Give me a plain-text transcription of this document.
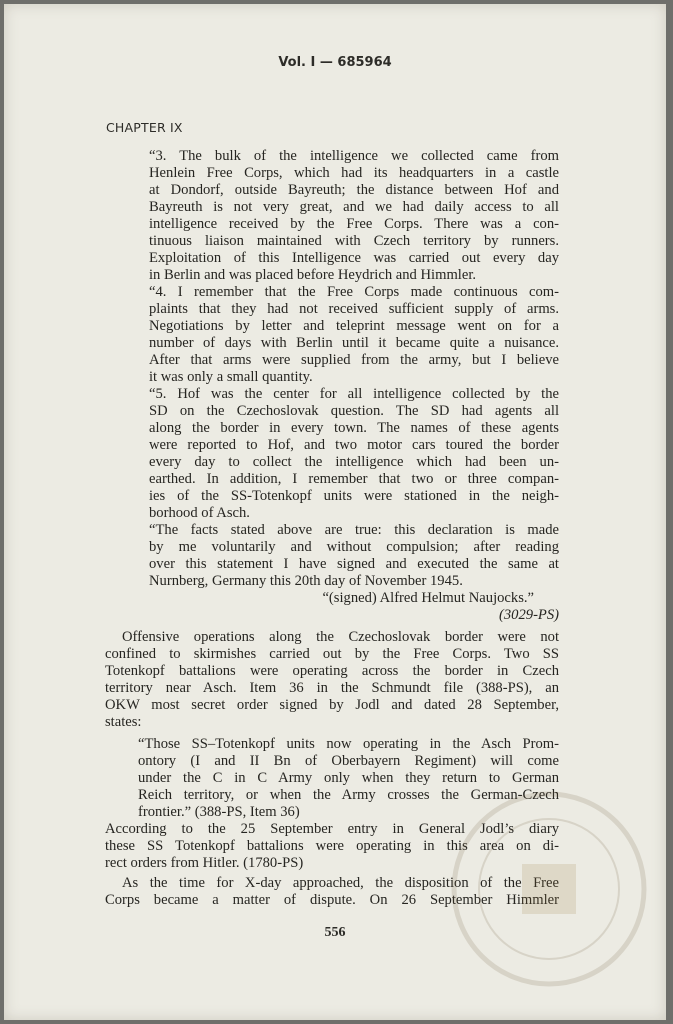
Vol. I — 685964
CHAPTER IX
“3. The bulk of the intelligence we collected came from
Henlein Free Corps, which had its headquarters in a castle
at Dondorf, outside Bayreuth; the distance between Hof and
Bayreuth is not very great, and we had daily access to all
intelligence received by the Free Corps. There was a con-
tinuous liaison maintained with Czech territory by runners.
Exploitation of this Intelligence was carried out every day
in Berlin and was placed before Heydrich and Himmler.
“4. I remember that the Free Corps made continuous com-
plaints that they had not received sufficient supply of arms.
Negotiations by letter and teleprint message went on for a
number of days with Berlin until it became quite a nuisance.
After that arms were supplied from the army, but I believe
it was only a small quantity.
“5. Hof was the center for all intelligence collected by the
SD on the Czechoslovak question. The SD had agents all
along the border in every town. The names of these agents
were reported to Hof, and two motor cars toured the border
every day to collect the intelligence which had been un-
earthed. In addition, I remember that two or three compan-
ies of the SS-Totenkopf units were stationed in the neigh-
borhood of Asch.
“The facts stated above are true: this declaration is made
by me voluntarily and without compulsion; after reading
over this statement I have signed and executed the same at
Nurnberg, Germany this 20th day of November 1945.
“(signed) Alfred Helmut Naujocks.”
(3029-PS)
Offensive operations along the Czechoslovak border were not
confined to skirmishes carried out by the Free Corps. Two SS
Totenkopf battalions were operating across the border in Czech
territory near Asch. Item 36 in the Schmundt file (388-PS), an
OKW most secret order signed by Jodl and dated 28 September,
states:
“Those SS–Totenkopf units now operating in the Asch Prom-
ontory (I and II Bn of Oberbayern Regiment) will come
under the C in C Army only when they return to German
Reich territory, or when the Army crosses the German-Czech
frontier.” (388-PS, Item 36)
According to the 25 September entry in General Jodl’s diary
these SS Totenkopf battalions were operating in this area on di-
rect orders from Hitler. (1780-PS)
As the time for X-day approached, the disposition of the Free
Corps became a matter of dispute. On 26 September Himmler
556
